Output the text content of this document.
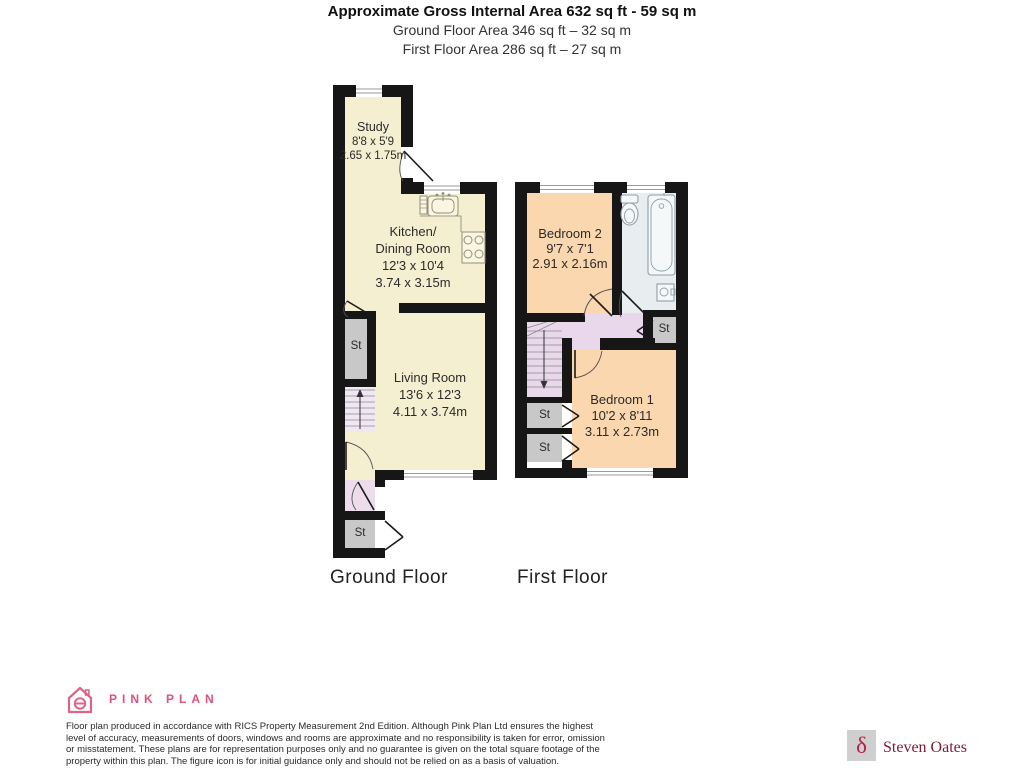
Approximate Gross Internal Area 632 sq ft - 59 sq m
Ground Floor Area 346 sq ft – 32 sq m
First Floor Area 286 sq ft – 27 sq m
Study
8'8 x 5'9
2.65 x 1.75m
Kitchen/
Dining Room
12'3 x 10'4
3.74 x 3.15m
Living Room
13'6 x 12'3
4.11 x 3.74m
St
St
Bedroom 2
9'7 x 7'1
2.91 x 2.16m
Bedroom 1
10'2 x 8'11
3.11 x 2.73m
St
St
St
Ground Floor	First Floor
PINK PLAN
Floor plan produced in accordance with RICS Property Measurement 2nd Edition. Although Pink Plan Ltd ensures the highest
level of accuracy, measurements of doors, windows and rooms are approximate and no responsibility is taken for error, omission
or misstatement. These plans are for representation purposes only and no guarantee is given on the total square footage of the
property within this plan. The figure icon is for initial guidance only and should not be relied on as a basis of valuation.
δ Steven Oates
